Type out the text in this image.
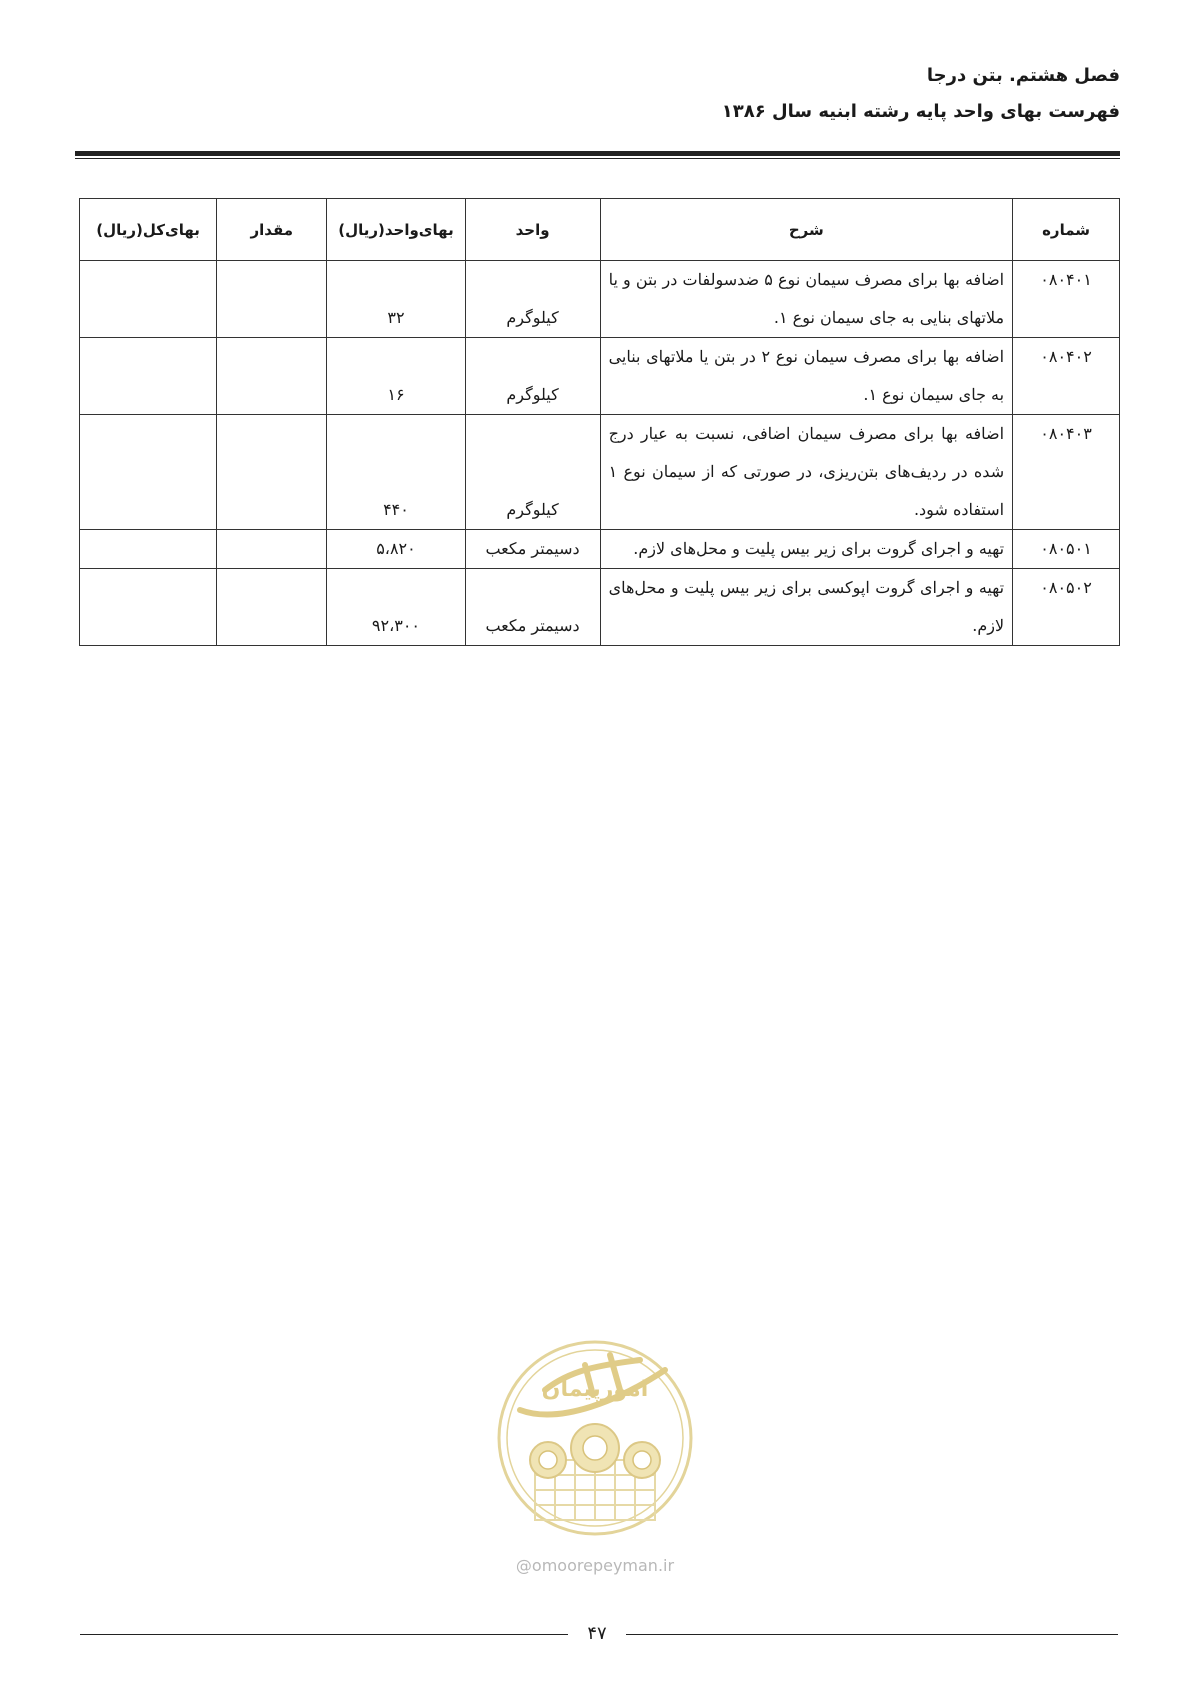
فصل هشتم. بتن درجا
فهرست بهای واحد پایه رشته ابنیه سال ۱۳۸۶
شماره	شرح	واحد	بهای‌واحد(ریال)	مقدار	بهای‌کل(ریال)
۰۸۰۴۰۱	اضافه بها برای مصرف سیمان نوع ۵ ضدسولفات در بتن و یا ملاتهای بنایی به جای سیمان نوع ۱.	کیلوگرم	۳۲		
۰۸۰۴۰۲	اضافه بها برای مصرف سیمان نوع ۲ در بتن یا ملاتهای بنایی به جای سیمان نوع ۱.	کیلوگرم	۱۶		
۰۸۰۴۰۳	اضافه بها برای مصرف سیمان اضافی، نسبت به عیار درج شده در ردیف‌های بتن‌ریزی، در صورتی که از سیمان نوع ۱ استفاده شود.	کیلوگرم	۴۴۰		
۰۸۰۵۰۱	تهیه و اجرای گروت برای زیر بیس پلیت و محل‌های لازم.	دسیمتر مکعب	۵،۸۲۰		
۰۸۰۵۰۲	تهیه و اجرای گروت اپوکسی برای زیر بیس پلیت و محل‌های لازم.	دسیمتر مکعب	۹۲،۳۰۰		
امورپیمان
@omoorepeyman.ir
۴۷
